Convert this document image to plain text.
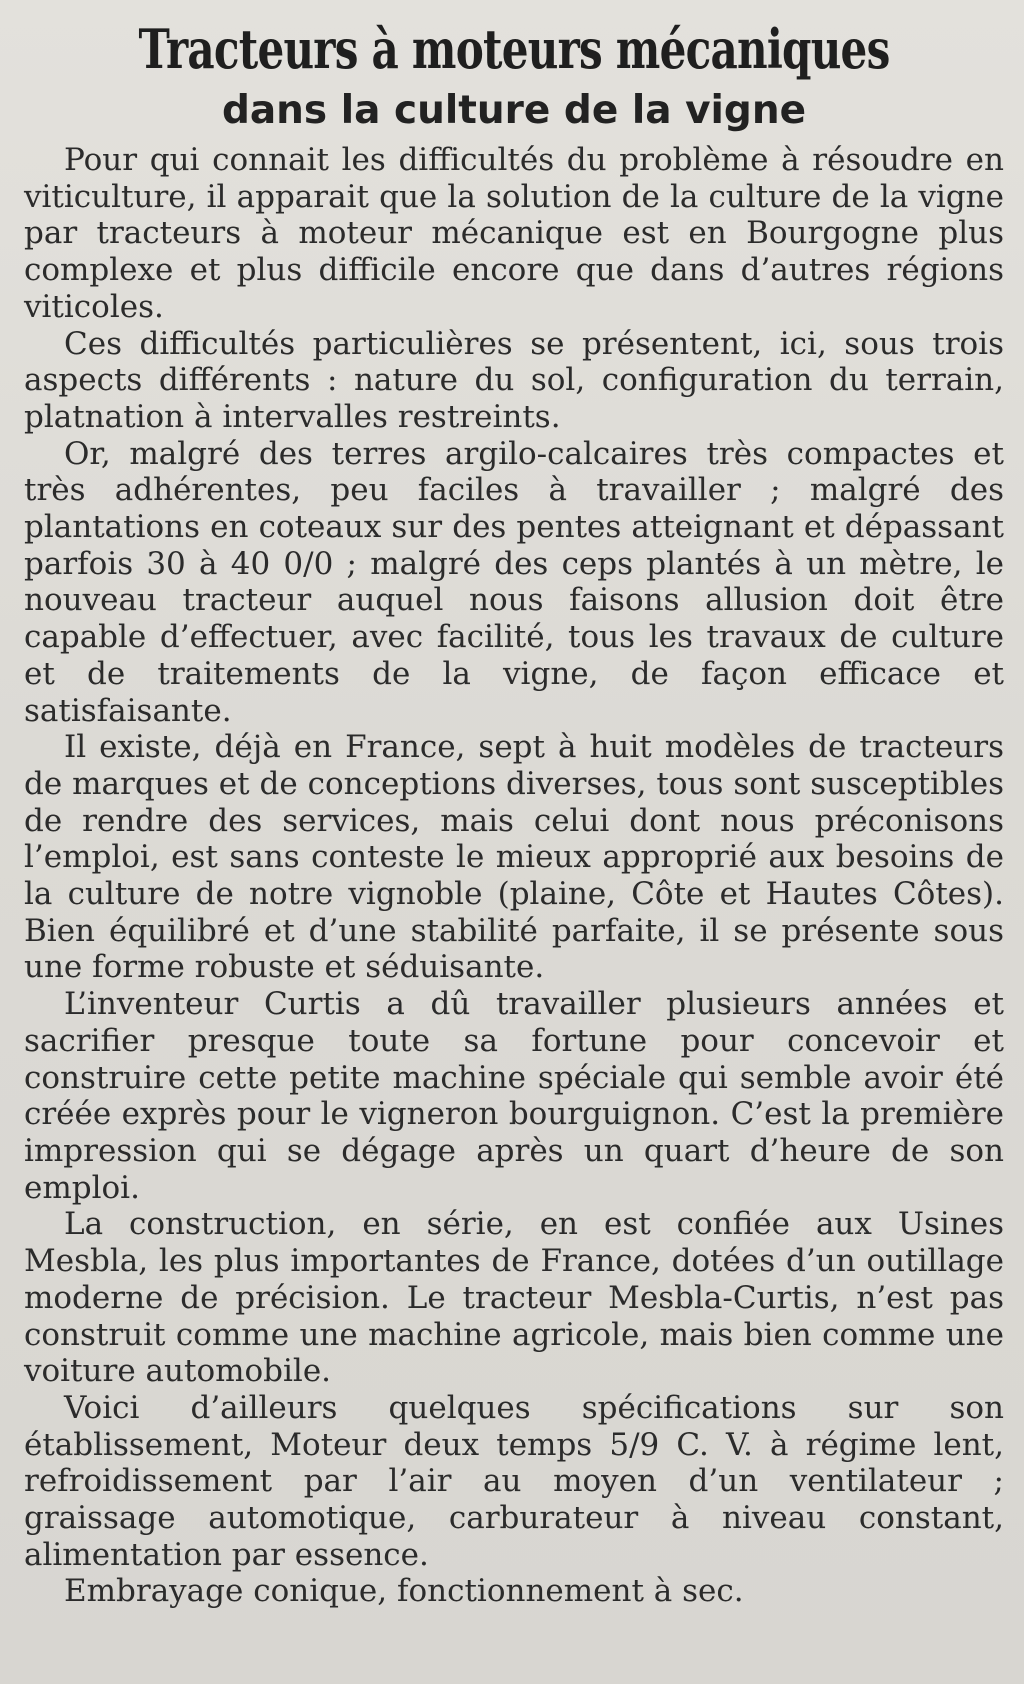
Tracteurs à moteurs mécaniques
dans la culture de la vigne

Pour qui connait les difficultés du problème à résoudre en viticulture, il apparait que la solution de la culture de la vigne par tracteurs à moteur mécanique est en Bourgogne plus complexe et plus difficile encore que dans d’autres régions viticoles.

Ces difficultés particulières se présentent, ici, sous trois aspects différents : nature du sol, configuration du terrain, platnation à intervalles restreints.

Or, malgré des terres argilo-calcaires très compactes et très adhérentes, peu faciles à travailler ; malgré des plantations en coteaux sur des pentes atteignant et dépassant parfois 30 à 40 0/0 ; malgré des ceps plantés à un mètre, le nouveau tracteur auquel nous faisons allusion doit être capable d’effectuer, avec facilité, tous les travaux de culture et de traitements de la vigne, de façon efficace et satisfaisante.

Il existe, déjà en France, sept à huit modèles de tracteurs de marques et de conceptions diverses, tous sont susceptibles de rendre des services, mais celui dont nous préconisons l’emploi, est sans conteste le mieux approprié aux besoins de la culture de notre vignoble (plaine, Côte et Hautes Côtes). Bien équilibré et d’une stabilité parfaite, il se présente sous une forme robuste et séduisante.

L’inventeur Curtis a dû travailler plusieurs années et sacrifier presque toute sa fortune pour concevoir et construire cette petite machine spéciale qui semble avoir été créée exprès pour le vigneron bourguignon. C’est la première impression qui se dégage après un quart d’heure de son emploi.

La construction, en série, en est confiée aux Usines Mesbla, les plus importantes de France, dotées d’un outillage moderne de précision. Le tracteur Mesbla-Curtis, n’est pas construit comme une machine agricole, mais bien comme une voiture automobile.

Voici d’ailleurs quelques spécifications sur son établissement, Moteur deux temps 5/9 C. V. à régime lent, refroidissement par l’air au moyen d’un ventilateur ; graissage automotique, carburateur à niveau constant, alimentation par essence.

Embrayage conique, fonctionnement à sec.
